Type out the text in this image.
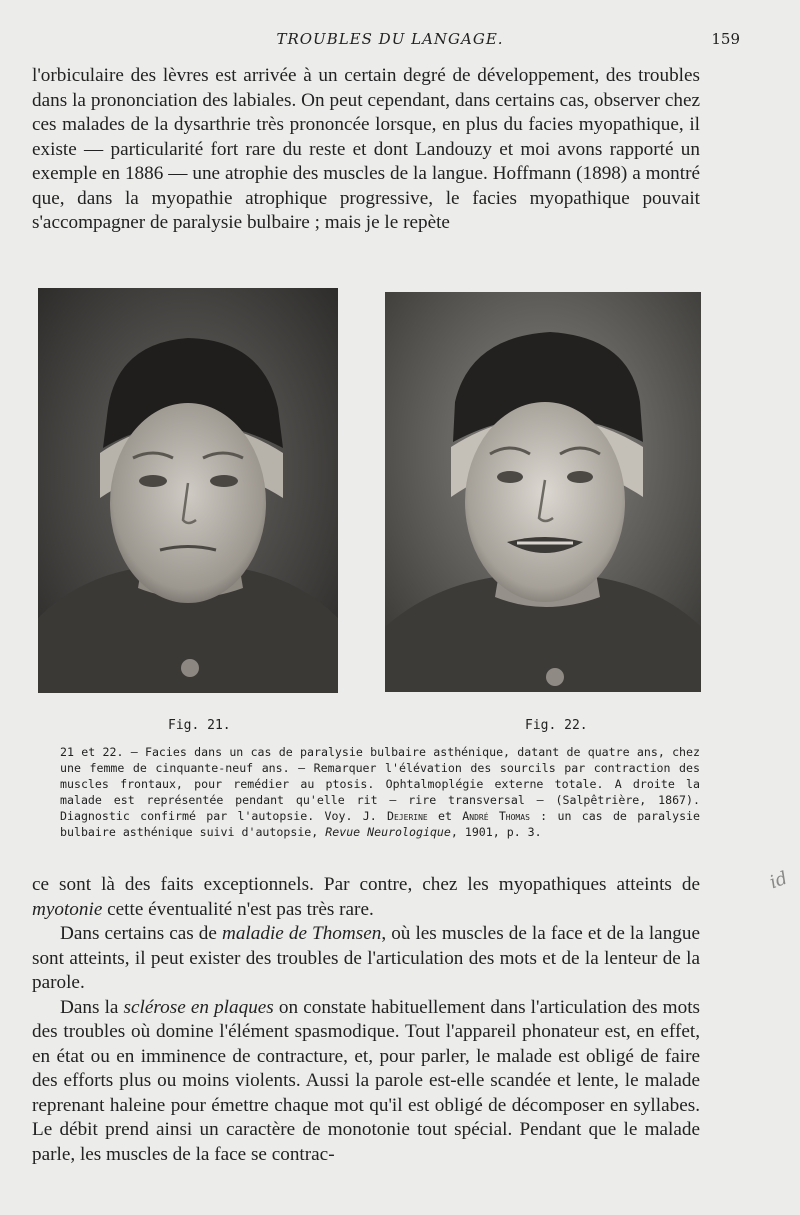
TROUBLES DU LANGAGE.	159

l'orbiculaire des lèvres est arrivée à un certain degré de développement, des troubles dans la prononciation des labiales. On peut cependant, dans certains cas, observer chez ces malades de la dysarthrie très prononcée lorsque, en plus du facies myopathique, il existe — particularité fort rare du reste et dont Landouzy et moi avons rapporté un exemple en 1886 — une atrophie des muscles de la langue. Hoffmann (1898) a montré que, dans la myopathie atrophique progressive, le facies myopathique pouvait s'accompagner de paralysie bulbaire ; mais je le repète

Fig. 21.	Fig. 22.
21 et 22. — Facies dans un cas de paralysie bulbaire asthénique, datant de quatre ans, chez une femme de cinquante-neuf ans. — Remarquer l'élévation des sourcils par contraction des muscles frontaux, pour remédier au ptosis. Ophtalmoplégie externe totale. A droite la malade est représentée pendant qu'elle rit — rire transversal — (Salpêtrière, 1867). Diagnostic confirmé par l'autopsie. Voy. J. Dejerine et André Thomas : un cas de paralysie bulbaire asthénique suivi d'autopsie, Revue Neurologique, 1901, p. 3.

ce sont là des faits exceptionnels. Par contre, chez les myopathiques atteints de myotonie cette éventualité n'est pas très rare.

Dans certains cas de maladie de Thomsen, où les muscles de la face et de la langue sont atteints, il peut exister des troubles de l'articulation des mots et de la lenteur de la parole.

Dans la sclérose en plaques on constate habituellement dans l'articulation des mots des troubles où domine l'élément spasmodique. Tout l'appareil phonateur est, en effet, en état ou en imminence de contracture, et, pour parler, le malade est obligé de faire des efforts plus ou moins violents. Aussi la parole est-elle scandée et lente, le malade reprenant haleine pour émettre chaque mot qu'il est obligé de décomposer en syllabes. Le débit prend ainsi un caractère de monotonie tout spécial. Pendant que le malade parle, les muscles de la face se contrac-

id
